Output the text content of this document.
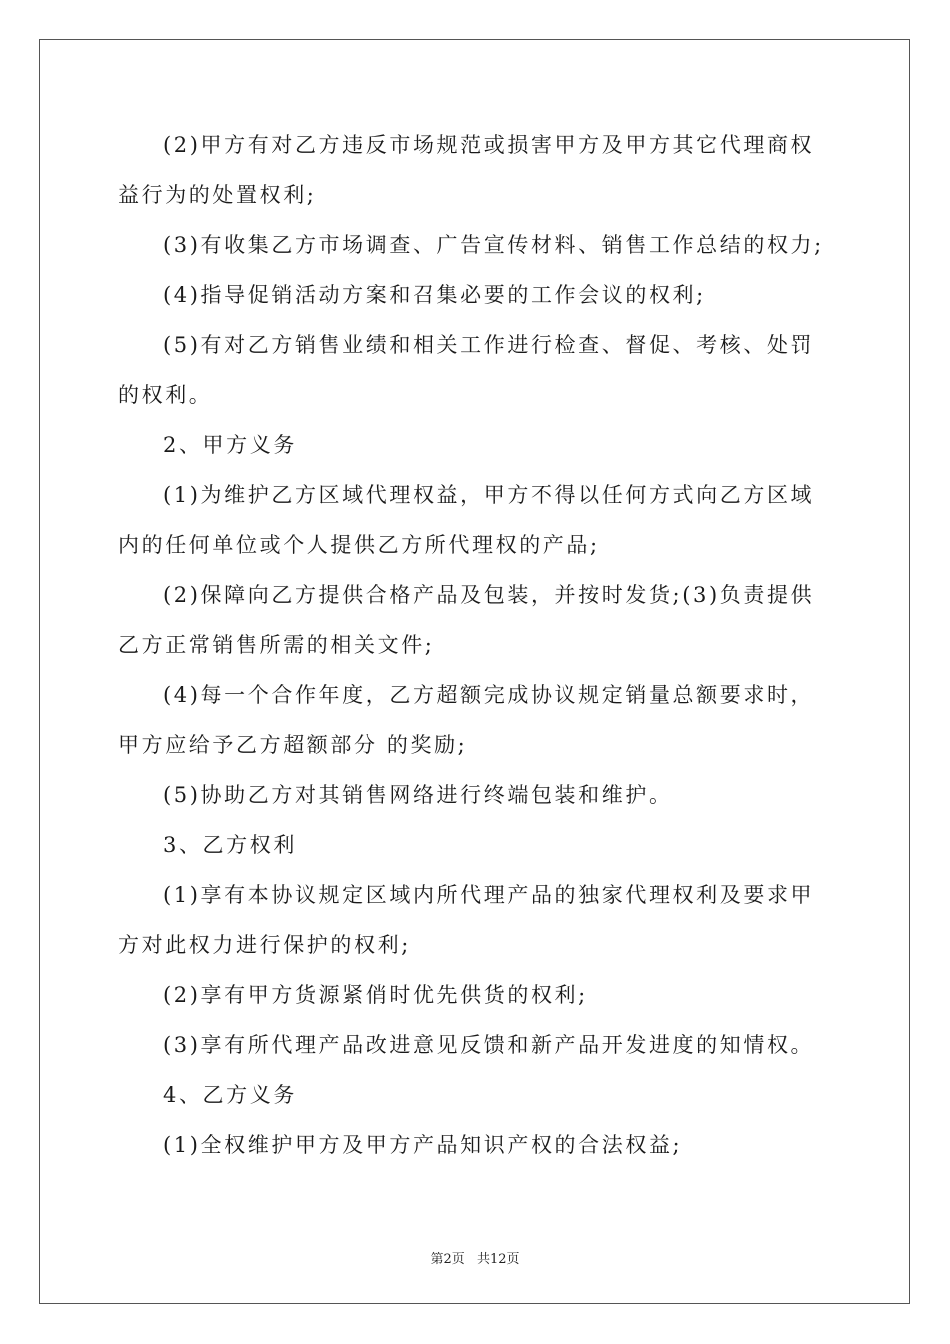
(2)甲方有对乙方违反市场规范或损害甲方及甲方其它代理商权
益行为的处置权利;
(3)有收集乙方市场调查、广告宣传材料、销售工作总结的权力;
(4)指导促销活动方案和召集必要的工作会议的权利;
(5)有对乙方销售业绩和相关工作进行检查、督促、考核、处罚
的权利。
2、甲方义务
(1)为维护乙方区域代理权益，甲方不得以任何方式向乙方区域
内的任何单位或个人提供乙方所代理权的产品;
(2)保障向乙方提供合格产品及包装，并按时发货;(3)负责提供
乙方正常销售所需的相关文件;
(4)每一个合作年度，乙方超额完成协议规定销量总额要求时，
甲方应给予乙方超额部分 的奖励;
(5)协助乙方对其销售网络进行终端包装和维护。
3、乙方权利
(1)享有本协议规定区域内所代理产品的独家代理权利及要求甲
方对此权力进行保护的权利;
(2)享有甲方货源紧俏时优先供货的权利;
(3)享有所代理产品改进意见反馈和新产品开发进度的知情权。
4、乙方义务
(1)全权维护甲方及甲方产品知识产权的合法权益;
第2页 共12页
